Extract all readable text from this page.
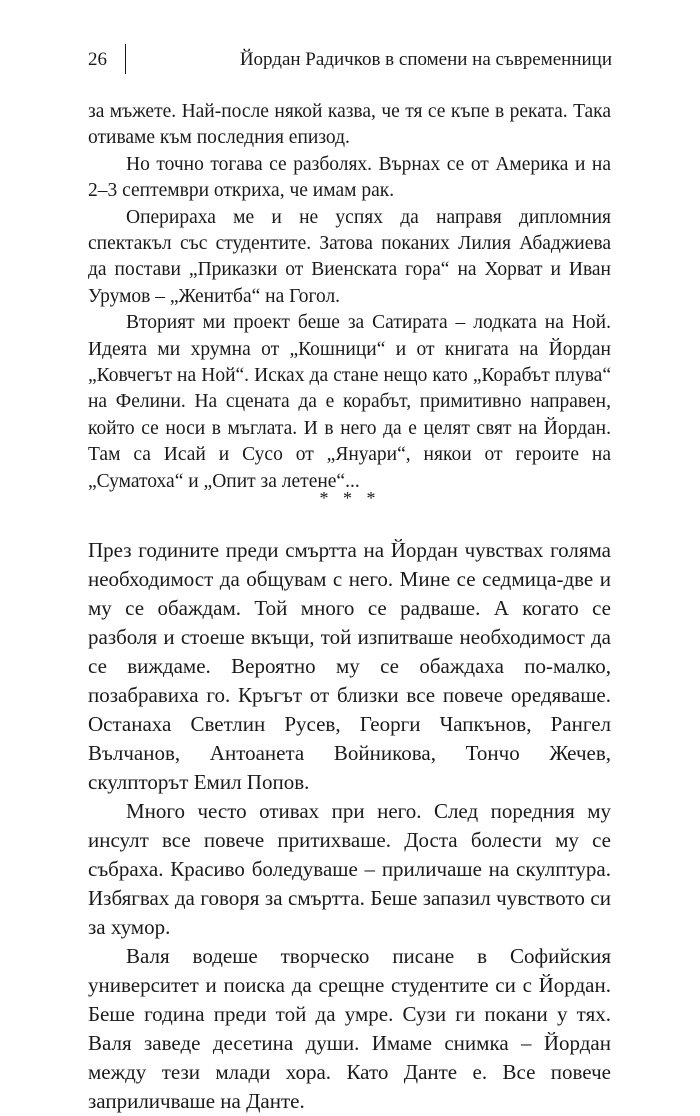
26	Йордан Радичков в спомени на съвременници

за мъжете. Най-после някой казва, че тя се къпе в реката. Така отиваме към последния епизод.

Но точно тогава се разболях. Върнах се от Америка и на 2–3 септември откриха, че имам рак.

Оперираха ме и не успях да направя дипломния спектакъл със студентите. Затова поканих Лилия Абаджиева да постави „Приказки от Виенската гора“ на Хорват и Иван Урумов – „Женитба“ на Гогол.

Вторият ми проект беше за Сатирата – лодката на Ной. Идеята ми хрумна от „Кошници“ и от книгата на Йордан „Ковчегът на Ной“. Исках да стане нещо като „Корабът плува“ на Фелини. На сцената да е корабът, примитивно направен, който се носи в мъглата. И в него да е целят свят на Йордан. Там са Исай и Сусо от „Януари“, някои от героите на „Суматоха“ и „Опит за летене“...

* * *

През годините преди смъртта на Йордан чувствах голяма необходимост да общувам с него. Мине се седмица-две и му се обаждам. Той много се радваше. А когато се разболя и стоеше вкъщи, той изпитваше необходимост да се виждаме. Вероятно му се обаждаха по-малко, позабравиха го. Кръгът от близки все повече оредяваше. Останаха Светлин Русев, Георги Чапкънов, Рангел Вълчанов, Антоанета Войникова, Тончо Жечев, скулпторът Емил Попов.

Много често отивах при него. След поредния му инсулт все повече притихваше. Доста болести му се събраха. Красиво боледуваше – приличаше на скулптура. Избягвах да говоря за смъртта. Беше запазил чувството си за хумор.

Валя водеше творческо писане в Софийския университет и поиска да срещне студентите си с Йордан. Беше година преди той да умре. Сузи ги покани у тях. Валя заведе десетина души. Имаме снимка – Йордан между тези млади хора. Като Данте е. Все повече заприличваше на Данте.
